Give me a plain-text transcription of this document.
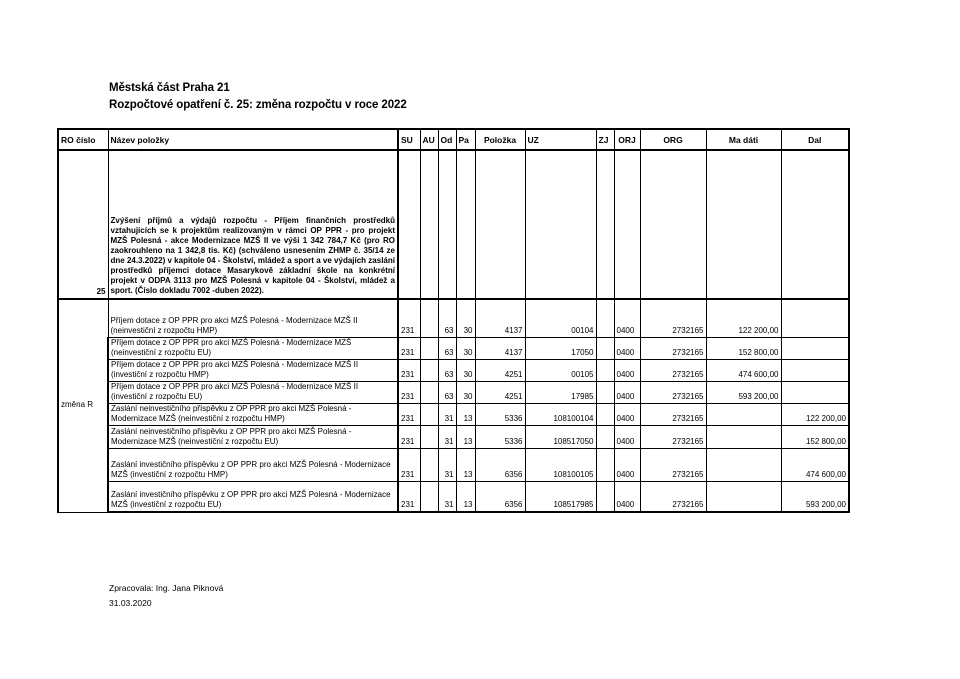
Městská část Praha 21
Rozpočtové opatření č. 25: změna rozpočtu v roce 2022
RO číslo	Název položky	SU	AU	Od	Pa	Položka	UZ	ZJ	ORJ	ORG	Ma dáti	Dal
25	Zvýšení příjmů a výdajů rozpočtu - Příjem finančních prostředků vztahujících se k projektům realizovaným v rámci OP PPR - pro projekt MZŠ Polesná - akce Modernizace MZŠ II ve výši 1 342 784,7 Kč (pro RO zaokrouhleno na 1 342,8 tis. Kč) (schváleno usnesením ZHMP č. 35/14 ze dne 24.3.2022) v kapitole 04 - Školství, mládež a sport a ve výdajích zaslání prostředků příjemci dotace Masarykově základní škole na konkrétní projekt v ODPA 3113 pro MZŠ Polesná v kapitole 04 - Školství, mládež a sport. (Číslo dokladu 7002 -duben 2022).											
změna R	Příjem dotace z OP PPR pro akci MZŠ Polesná - Modernizace MZŠ II (neinvestiční z rozpočtu HMP)	231		63	30	4137	00104		0400	2732165	122 200,00	
	Příjem dotace z OP PPR pro akci MZŠ Polesná - Modernizace MZŠ (neinvestiční z rozpočtu EU)	231		63	30	4137	17050		0400	2732165	152 800,00	
	Příjem dotace z OP PPR pro akci MZŠ Polesná - Modernizace MZŠ II (investiční z rozpočtu HMP)	231		63	30	4251	00105		0400	2732165	474 600,00	
	Příjem dotace z OP PPR pro akci MZŠ Polesná - Modernizace MZŠ II (investiční z rozpočtu EU)	231		63	30	4251	17985		0400	2732165	593 200,00	
	Zaslání neinvestičního příspěvku z OP PPR pro akci MZŠ Polesná - Modernizace MZŠ (neinvestiční z rozpočtu HMP)	231		31	13	5336	108100104		0400	2732165		122 200,00
	Zaslání neinvestičního příspěvku z OP PPR pro akci MZŠ Polesná - Modernizace MZŠ (neinvestiční z rozpočtu EU)	231		31	13	5336	108517050		0400	2732165		152 800,00
	Zaslání investičního příspěvku z OP PPR pro akci MZŠ Polesná - Modernizace MZŠ (investiční z rozpočtu HMP)	231		31	13	6356	108100105		0400	2732165		474 600,00
	Zaslání investičního příspěvku z OP PPR pro akci MZŠ Polesná - Modernizace MZŠ (investiční z rozpočtu EU)	231		31	13	6356	108517985		0400	2732165		593 200,00
Zpracovala: Ing. Jana Piknová
31.03.2020
